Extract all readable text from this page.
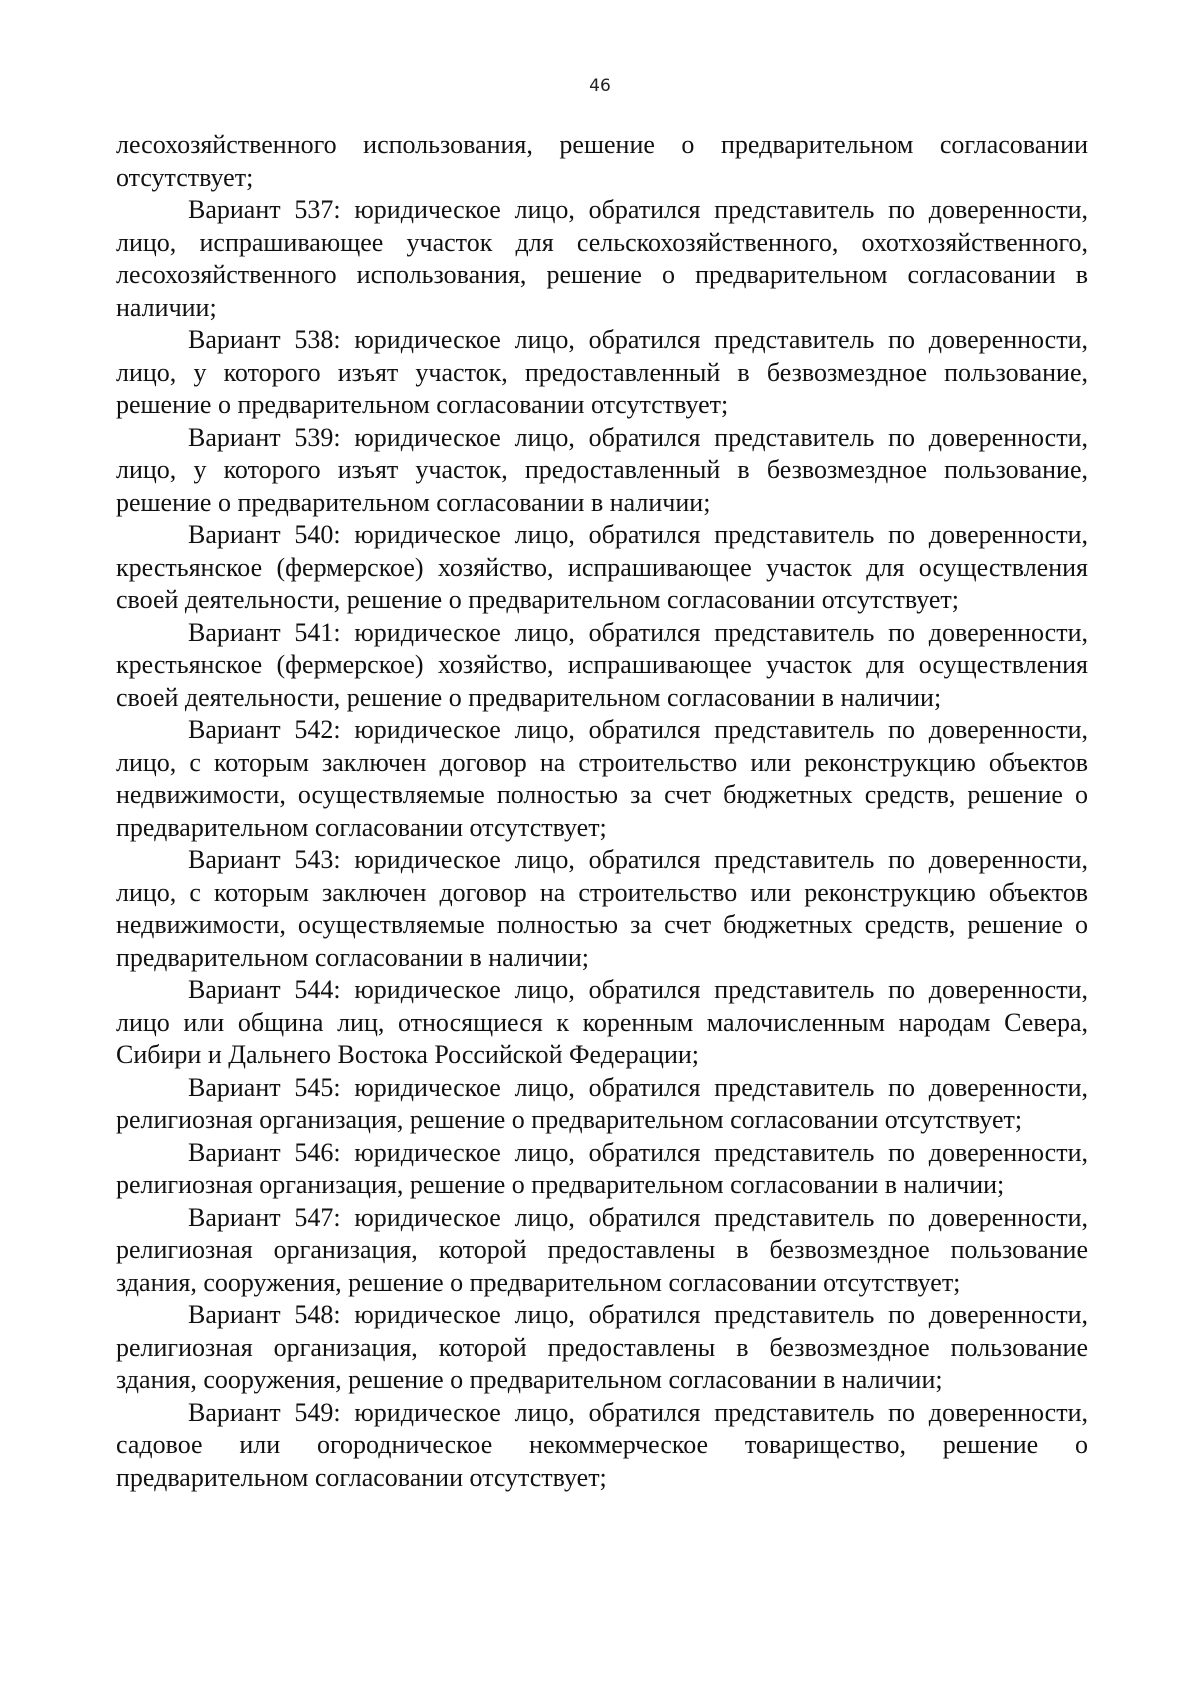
46

лесохозяйственного использования, решение о предварительном согласовании отсутствует;

Вариант 537: юридическое лицо, обратился представитель по доверенности, лицо, испрашивающее участок для сельскохозяйственного, охотхозяйственного, лесохозяйственного использования, решение о предварительном согласовании в наличии;

Вариант 538: юридическое лицо, обратился представитель по доверенности, лицо, у которого изъят участок, предоставленный в безвозмездное пользование, решение о предварительном согласовании отсутствует;

Вариант 539: юридическое лицо, обратился представитель по доверенности, лицо, у которого изъят участок, предоставленный в безвозмездное пользование, решение о предварительном согласовании в наличии;

Вариант 540: юридическое лицо, обратился представитель по доверенности, крестьянское (фермерское) хозяйство, испрашивающее участок для осуществления своей деятельности, решение о предварительном согласовании отсутствует;

Вариант 541: юридическое лицо, обратился представитель по доверенности, крестьянское (фермерское) хозяйство, испрашивающее участок для осуществления своей деятельности, решение о предварительном согласовании в наличии;

Вариант 542: юридическое лицо, обратился представитель по доверенности, лицо, с которым заключен договор на строительство или реконструкцию объектов недвижимости, осуществляемые полностью за счет бюджетных средств, решение о предварительном согласовании отсутствует;

Вариант 543: юридическое лицо, обратился представитель по доверенности, лицо, с которым заключен договор на строительство или реконструкцию объектов недвижимости, осуществляемые полностью за счет бюджетных средств, решение о предварительном согласовании в наличии;

Вариант 544: юридическое лицо, обратился представитель по доверенности, лицо или община лиц, относящиеся к коренным малочисленным народам Севера, Сибири и Дальнего Востока Российской Федерации;

Вариант 545: юридическое лицо, обратился представитель по доверенности, религиозная организация, решение о предварительном согласовании отсутствует;

Вариант 546: юридическое лицо, обратился представитель по доверенности, религиозная организация, решение о предварительном согласовании в наличии;

Вариант 547: юридическое лицо, обратился представитель по доверенности, религиозная организация, которой предоставлены в безвозмездное пользование здания, сооружения, решение о предварительном согласовании отсутствует;

Вариант 548: юридическое лицо, обратился представитель по доверенности, религиозная организация, которой предоставлены в безвозмездное пользование здания, сооружения, решение о предварительном согласовании в наличии;

Вариант 549: юридическое лицо, обратился представитель по доверенности, садовое или огородническое некоммерческое товарищество, решение о предварительном согласовании отсутствует;
